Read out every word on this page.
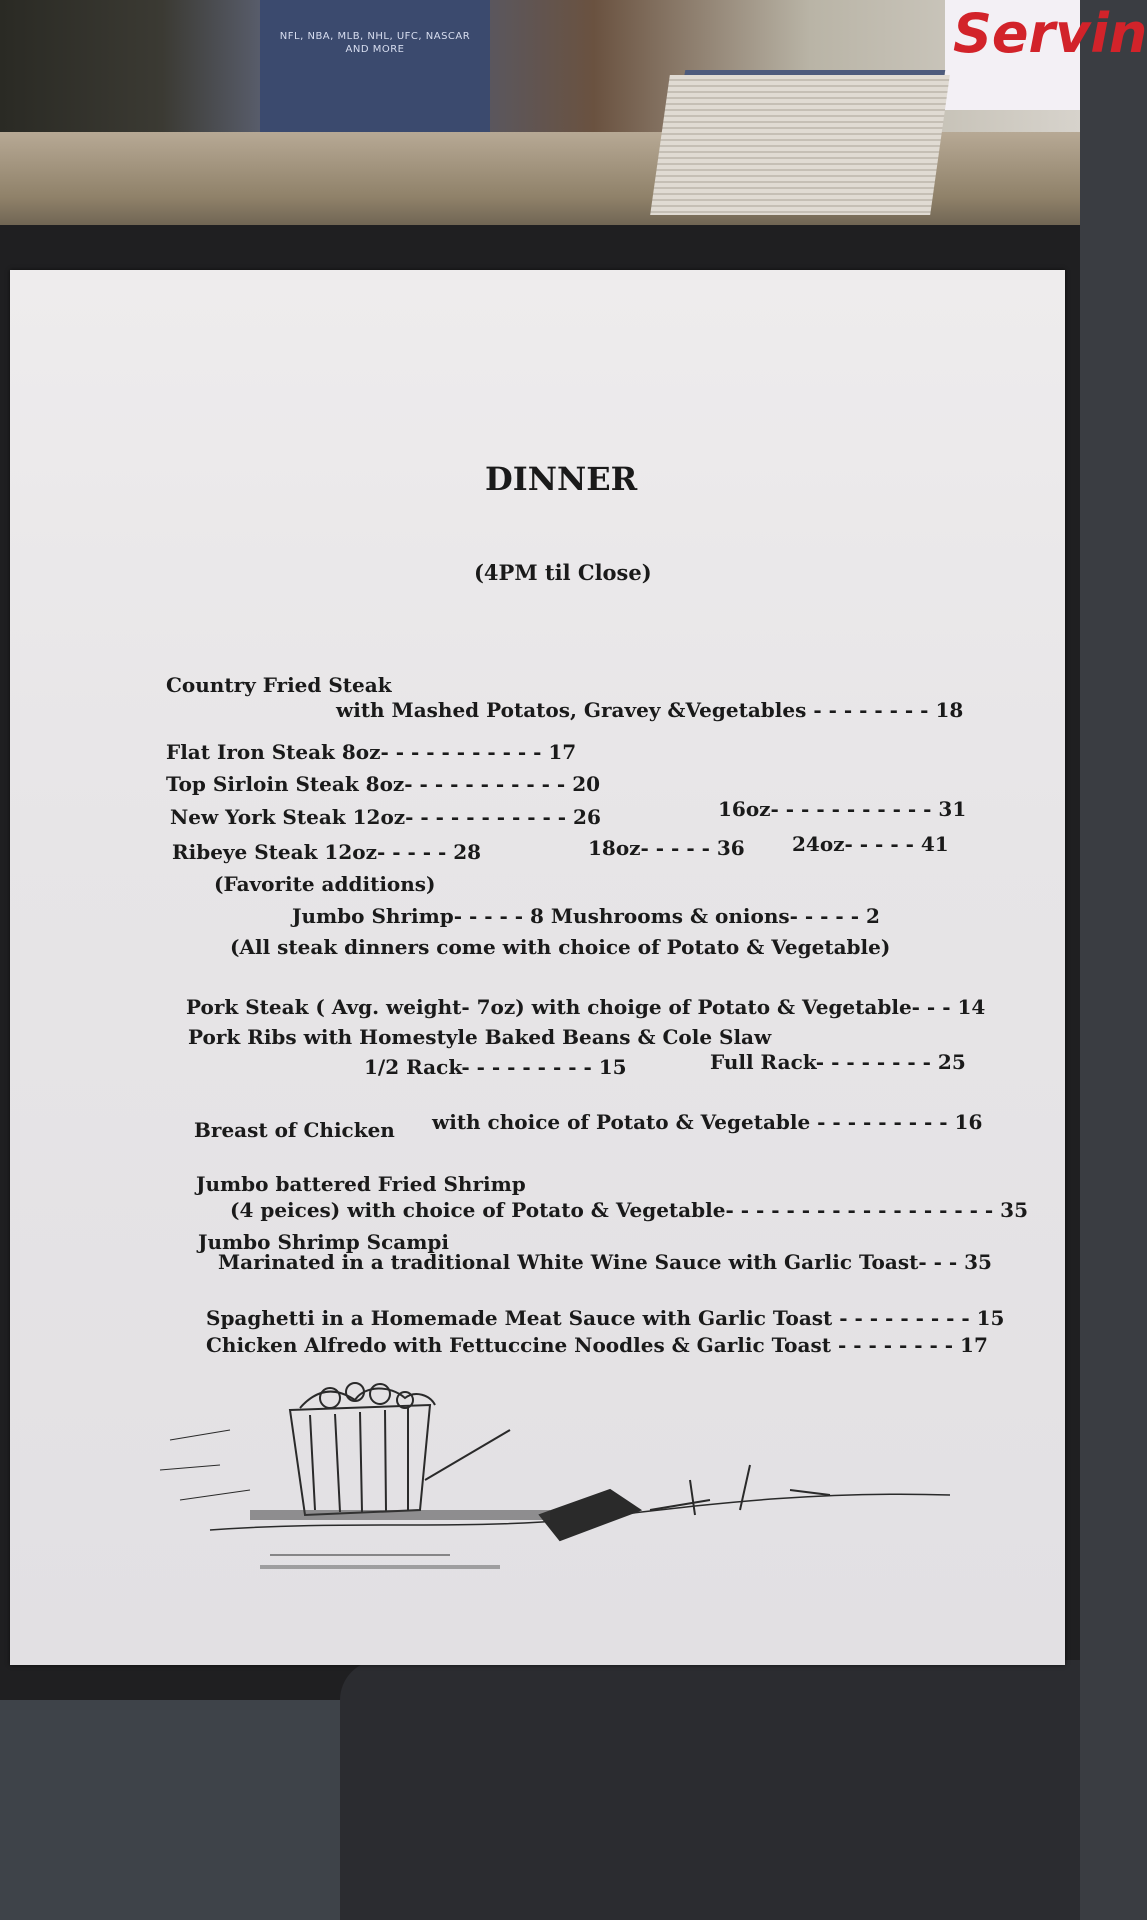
NFL, NBA, MLB, NHL, UFC, NASCAR AND MORE	Servin
DINNER
(4PM til Close)
Country Fried Steak
with Mashed Potatos, Gravey &Vegetables - - - - - - - - 18
Flat Iron Steak 8oz- - - - - - - - - - - 17
Top Sirloin Steak 8oz- - - - - - - - - - - 20
New York Steak 12oz- - - - - - - - - - - 26	16oz- - - - - - - - - - - 31
Ribeye Steak 12oz- - - - - 28	18oz- - - - - 36 24oz- - - - - 41
(Favorite additions)
Jumbo Shrimp- - - - - 8 Mushrooms & onions- - - - - 2
(All steak dinners come with choice of Potato & Vegetable)
Pork Steak ( Avg. weight- 7oz) with choige of Potato & Vegetable- - - 14
Pork Ribs with Homestyle Baked Beans & Cole Slaw
1/2 Rack- - - - - - - - - 15	Full Rack- - - - - - - - 25
Breast of Chicken with choice of Potato & Vegetable - - - - - - - - - 16
Jumbo battered Fried Shrimp
(4 peices) with choice of Potato & Vegetable- - - - - - - - - - - - - - - - - - 35
Jumbo Shrimp Scampi
Marinated in a traditional White Wine Sauce with Garlic Toast- - - 35
Spaghetti in a Homemade Meat Sauce with Garlic Toast - - - - - - - - - 15
Chicken Alfredo with Fettuccine Noodles & Garlic Toast - - - - - - - - 17
